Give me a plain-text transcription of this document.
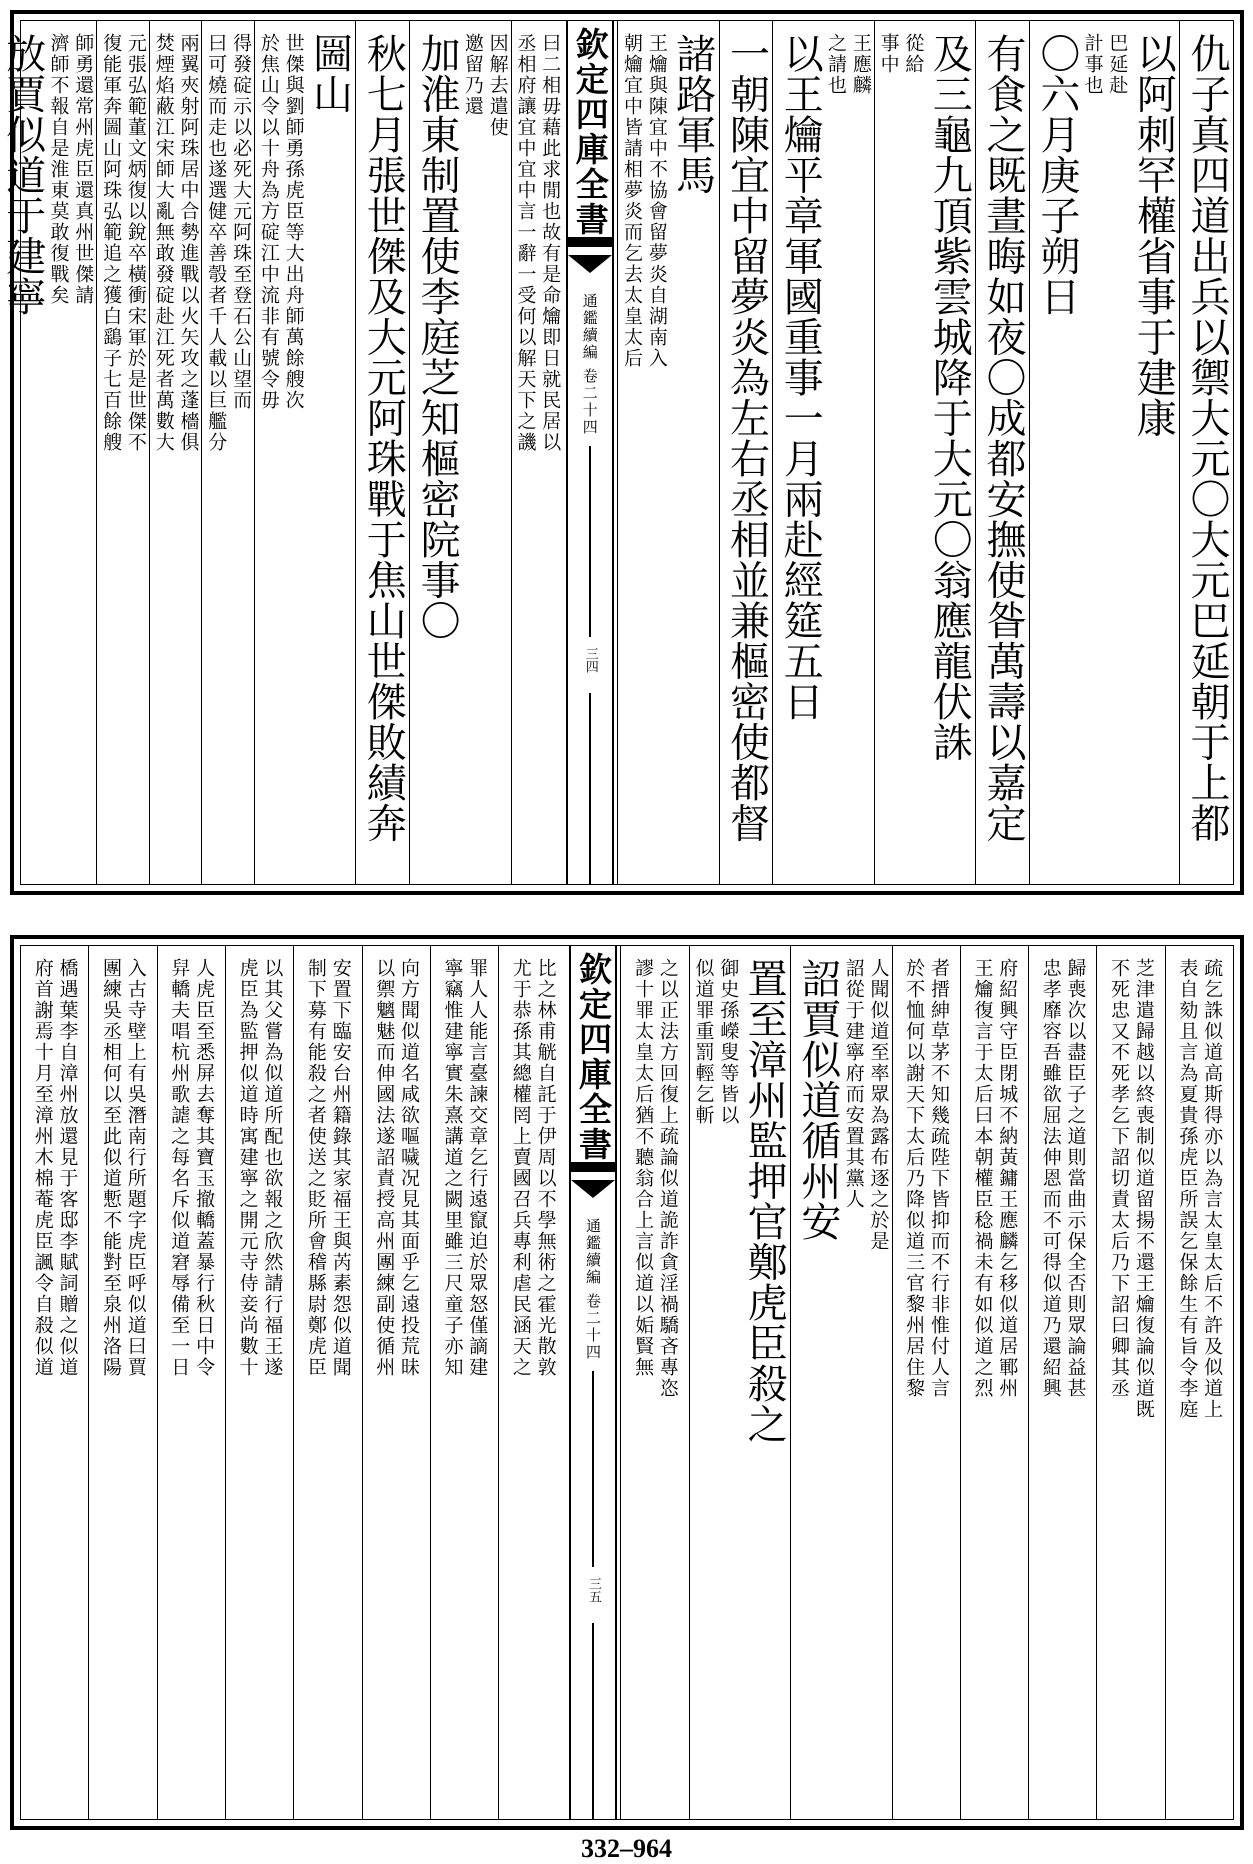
仇子真四道出兵以禦大元〇大元巴延朝于上都
以阿刺罕權省事于建康
巴延赴
計事也
〇六月庚子朔日
有食之既晝晦如夜〇成都安撫使昝萬壽以嘉定
及三龜九頂紫雲城降于大元〇翁應龍伏誅
從給
事中
王應麟
之請也
以王爚平章軍國重事一月兩赴經筵五日
一朝陳宜中留夢炎為左右丞相並兼樞密使都督
諸路軍馬
王爚與陳宜中不協會留夢炎自湖南入
朝爚宜中皆請相夢炎而乞去太皇太后
欽定四庫全書
通鑑續編 卷二十四
三四
曰二相毋藉此求閒也故有是命爚即日就民居以
丞相府讓宜中宜中言一辭一受何以解天下之譏
因解去遣使
邀留乃還
加淮東制置使李庭芝知樞密院事〇
秋七月張世傑及大元阿珠戰于焦山世傑敗績奔
圌山
世傑與劉師勇孫虎臣等大出舟師萬餘艘次
於焦山令以十舟為方碇江中流非有號令毋
得發碇示以必死大元阿珠至登石公山望而
曰可燒而走也遂選健卒善彀者千人載以巨艦分
兩翼夾射阿珠居中合勢進戰以火矢攻之蓬檣俱
焚煙焰蔽江宋師大亂無敢發碇赴江死者萬數大
元張弘範董文炳復以銳卒橫衝宋軍於是世傑不
復能軍奔圌山阿珠弘範追之獲白鷂子七百餘艘
師勇還常州虎臣還真州世傑請
濟師不報自是淮東莫敢復戰矣
放賈似道于建寧
疏乞誅似道高斯得亦以為言太皇太后不許及似道上
表自劾且言為夏貴孫虎臣所誤乞保餘生有旨令李庭
芝津遣歸越以終喪制似道留揚不還王爚復論似道既
不死忠又不死孝乞下詔切責太后乃下詔曰卿其丞
歸喪次以盡臣子之道則當曲示保全否則眾論益甚
忠孝靡容吾雖欲屈法伸恩而不可得似道乃還紹興
府紹興守臣閉城不納黃鏞王應麟乞移似道居鄆州
王爚復言于太后曰本朝權臣稔禍未有如似道之烈
者搢紳草茅不知幾疏陛下皆抑而不行非惟付人言
於不恤何以謝天下太后乃降似道三官黎州居住黎
人聞似道至率眾為露布逐之於是
詔從于建寧府而安置其黨人
詔賈似道循州安
置至漳州監押官鄭虎臣殺之
御史孫嶸叟等皆以
似道罪重罰輕乞斬
之以正法方回復上疏論似道詭詐貪淫禍驕吝專恣
謬十罪太皇太后猶不聽翁合上言似道以姤賢無
欽定四庫全書
通鑑續編 卷二十四
三五
比之林甫觥自託于伊周以不學無術之霍光散敦
尤于恭孫其總權罔上賣國召兵專利虐民涵天之
罪人人能言臺諫交章乞行遠竄迫於眾怒僅謫建
寧竊惟建寧實朱熹講道之闕里雖三尺童子亦知
向方聞似道名咸欲嘔噦况見其面乎乞遠投荒昧
以禦魑魅而伸國法遂詔責授高州團練副使循州
安置下臨安台州籍錄其家福王與芮素怨似道聞
制下募有能殺之者使送之貶所會稽縣尉鄭虎臣
以其父嘗為似道所配也欲報之欣然請行福王遂
虎臣為監押似道時寓建寧之開元寺侍妾尚數十
人虎臣至悉屏去奪其寶玉撤轎蓋暴行秋日中令
舁轎夫唱杭州歌謔之每名斥似道窘辱備至一日
入古寺壁上有吳潛南行所題字虎臣呼似道曰賈
團練吳丞相何以至此似道慙不能對至泉州洛陽
橋遇葉李自漳州放還見于客邸李賦詞贈之似道
府首謝焉十月至漳州木棉菴虎臣諷令自殺似道
332–964
